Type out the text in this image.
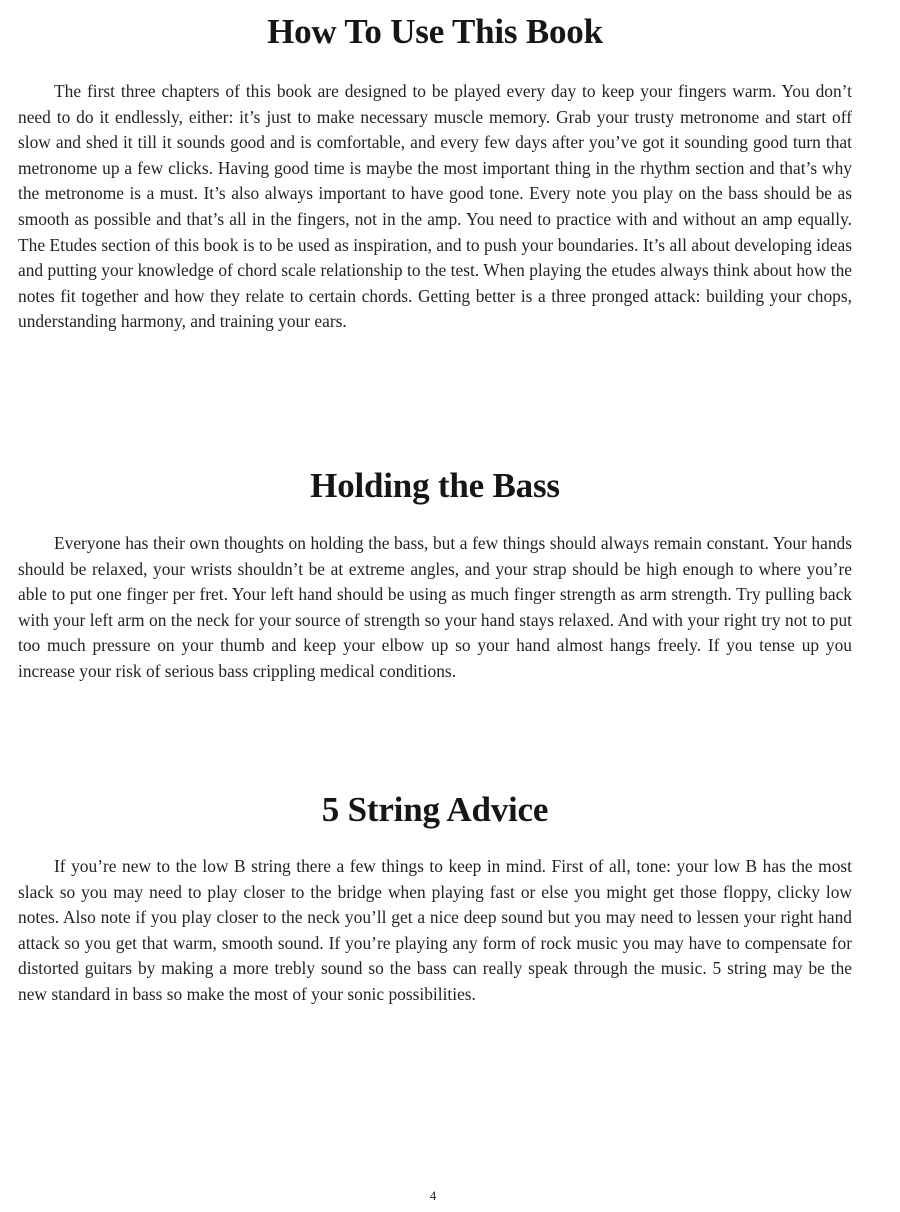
How To Use This Book

The first three chapters of this book are designed to be played every day to keep your fingers warm. You don’t need to do it endlessly, either: it’s just to make necessary muscle memory. Grab your trusty metronome and start off slow and shed it till it sounds good and is comfortable, and every few days after you’ve got it sounding good turn that metronome up a few clicks. Having good time is maybe the most important thing in the rhythm section and that’s why the metronome is a must. It’s also always important to have good tone. Every note you play on the bass should be as smooth as possible and that’s all in the fingers, not in the amp. You need to practice with and without an amp equally. The Etudes section of this book is to be used as inspiration, and to push your boundaries. It’s all about developing ideas and putting your knowledge of chord scale relationship to the test. When playing the etudes always think about how the notes fit together and how they relate to certain chords. Getting better is a three pronged attack: building your chops, understanding harmony, and training your ears.

Holding the Bass

Everyone has their own thoughts on holding the bass, but a few things should always remain constant. Your hands should be relaxed, your wrists shouldn’t be at extreme angles, and your strap should be high enough to where you’re able to put one finger per fret. Your left hand should be using as much finger strength as arm strength. Try pulling back with your left arm on the neck for your source of strength so your hand stays relaxed. And with your right try not to put too much pressure on your thumb and keep your elbow up so your hand almost hangs freely. If you tense up you increase your risk of serious bass crippling medical conditions.

5 String Advice

If you’re new to the low B string there a few things to keep in mind. First of all, tone: your low B has the most slack so you may need to play closer to the bridge when playing fast or else you might get those floppy, clicky low notes. Also note if you play closer to the neck you’ll get a nice deep sound but you may need to lessen your right hand attack so you get that warm, smooth sound. If you’re playing any form of rock music you may have to compensate for distorted guitars by making a more trebly sound so the bass can really speak through the music. 5 string may be the new standard in bass so make the most of your sonic possibilities.

4
